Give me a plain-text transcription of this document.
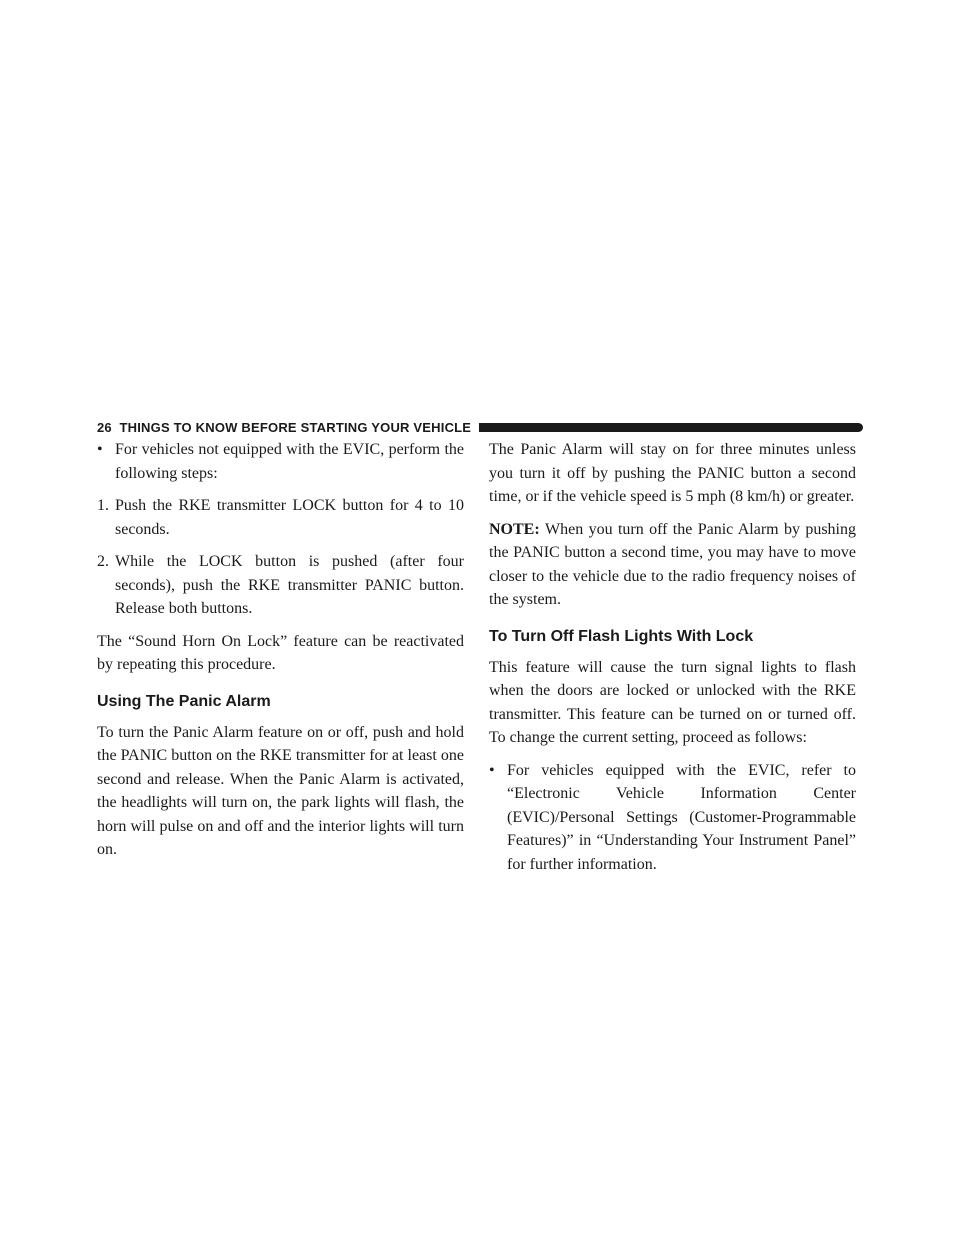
26 THINGS TO KNOW BEFORE STARTING YOUR VEHICLE

• For vehicles not equipped with the EVIC, perform the following steps:

1. Push the RKE transmitter LOCK button for 4 to 10 seconds.

2. While the LOCK button is pushed (after four seconds), push the RKE transmitter PANIC button. Release both buttons.

The “Sound Horn On Lock” feature can be reactivated by repeating this procedure.

Using The Panic Alarm

To turn the Panic Alarm feature on or off, push and hold the PANIC button on the RKE transmitter for at least one second and release. When the Panic Alarm is activated, the headlights will turn on, the park lights will flash, the horn will pulse on and off and the interior lights will turn on.

The Panic Alarm will stay on for three minutes unless you turn it off by pushing the PANIC button a second time, or if the vehicle speed is 5 mph (8 km/h) or greater.

NOTE: When you turn off the Panic Alarm by pushing the PANIC button a second time, you may have to move closer to the vehicle due to the radio frequency noises of the system.

To Turn Off Flash Lights With Lock

This feature will cause the turn signal lights to flash when the doors are locked or unlocked with the RKE transmitter. This feature can be turned on or turned off. To change the current setting, proceed as follows:

• For vehicles equipped with the EVIC, refer to “Electronic Vehicle Information Center (EVIC)/Personal Settings (Customer-Programmable Features)” in “Understanding Your Instrument Panel” for further information.
